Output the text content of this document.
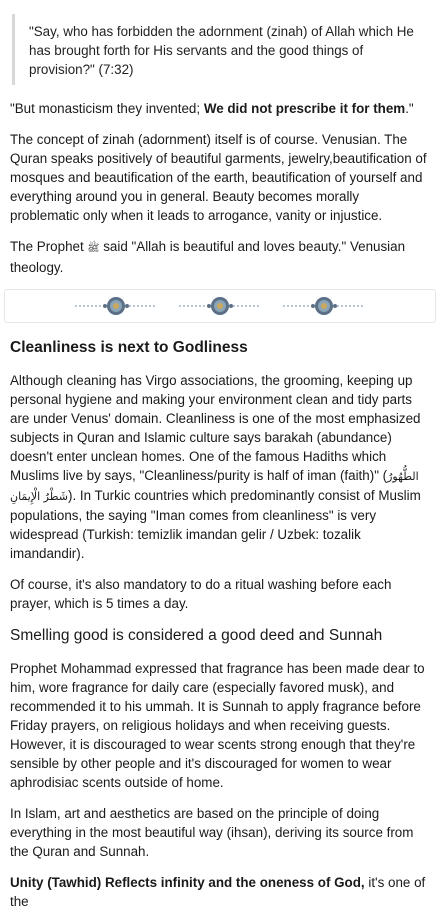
"Say, who has forbidden the adornment (zinah) of Allah which He has brought forth for His servants and the good things of provision?" (7:32)

"But monasticism they invented; We did not prescribe it for them."

The concept of zinah (adornment) itself is of course. Venusian. The Quran speaks positively of beautiful garments, jewelry,beautification of mosques and beautification of the earth, beautification of yourself and everything around you in general. Beauty becomes morally problematic only when it leads to arrogance, vanity or injustice.

The Prophet ﷺ said "Allah is beautiful and loves beauty." Venusian theology.

Cleanliness is next to Godliness

Although cleaning has Virgo associations, the grooming, keeping up personal hygiene and making your environment clean and tidy parts are under Venus' domain. Cleanliness is one of the most emphasized subjects in Quran and Islamic culture says barakah (abundance) doesn't enter unclean homes. One of the famous Hadiths which Muslims live by says, "Cleanliness/purity is half of iman (faith)" (الطُّهُورُ شَطْرُ الْإِيمَانِ). In Turkic countries which predominantly consist of Muslim populations, the saying "Iman comes from cleanliness" is very widespread (Turkish: temizlik imandan gelir / Uzbek: tozalik imandandir).

Of course, it's also mandatory to do a ritual washing before each prayer, which is 5 times a day.

Smelling good is considered a good deed and Sunnah

Prophet Mohammad expressed that fragrance has been made dear to him, wore fragrance for daily care (especially favored musk), and recommended it to his ummah. It is Sunnah to apply fragrance before Friday prayers, on religious holidays and when receiving guests. However, it is discouraged to wear scents strong enough that they're sensible by other people and it's discouraged for women to wear aphrodisiac scents outside of home.

In Islam, art and aesthetics are based on the principle of doing everything in the most beautiful way (ihsan), deriving its source from the Quran and Sunnah.

Unity (Tawhid) Reflects infinity and the oneness of God, it's one of the
